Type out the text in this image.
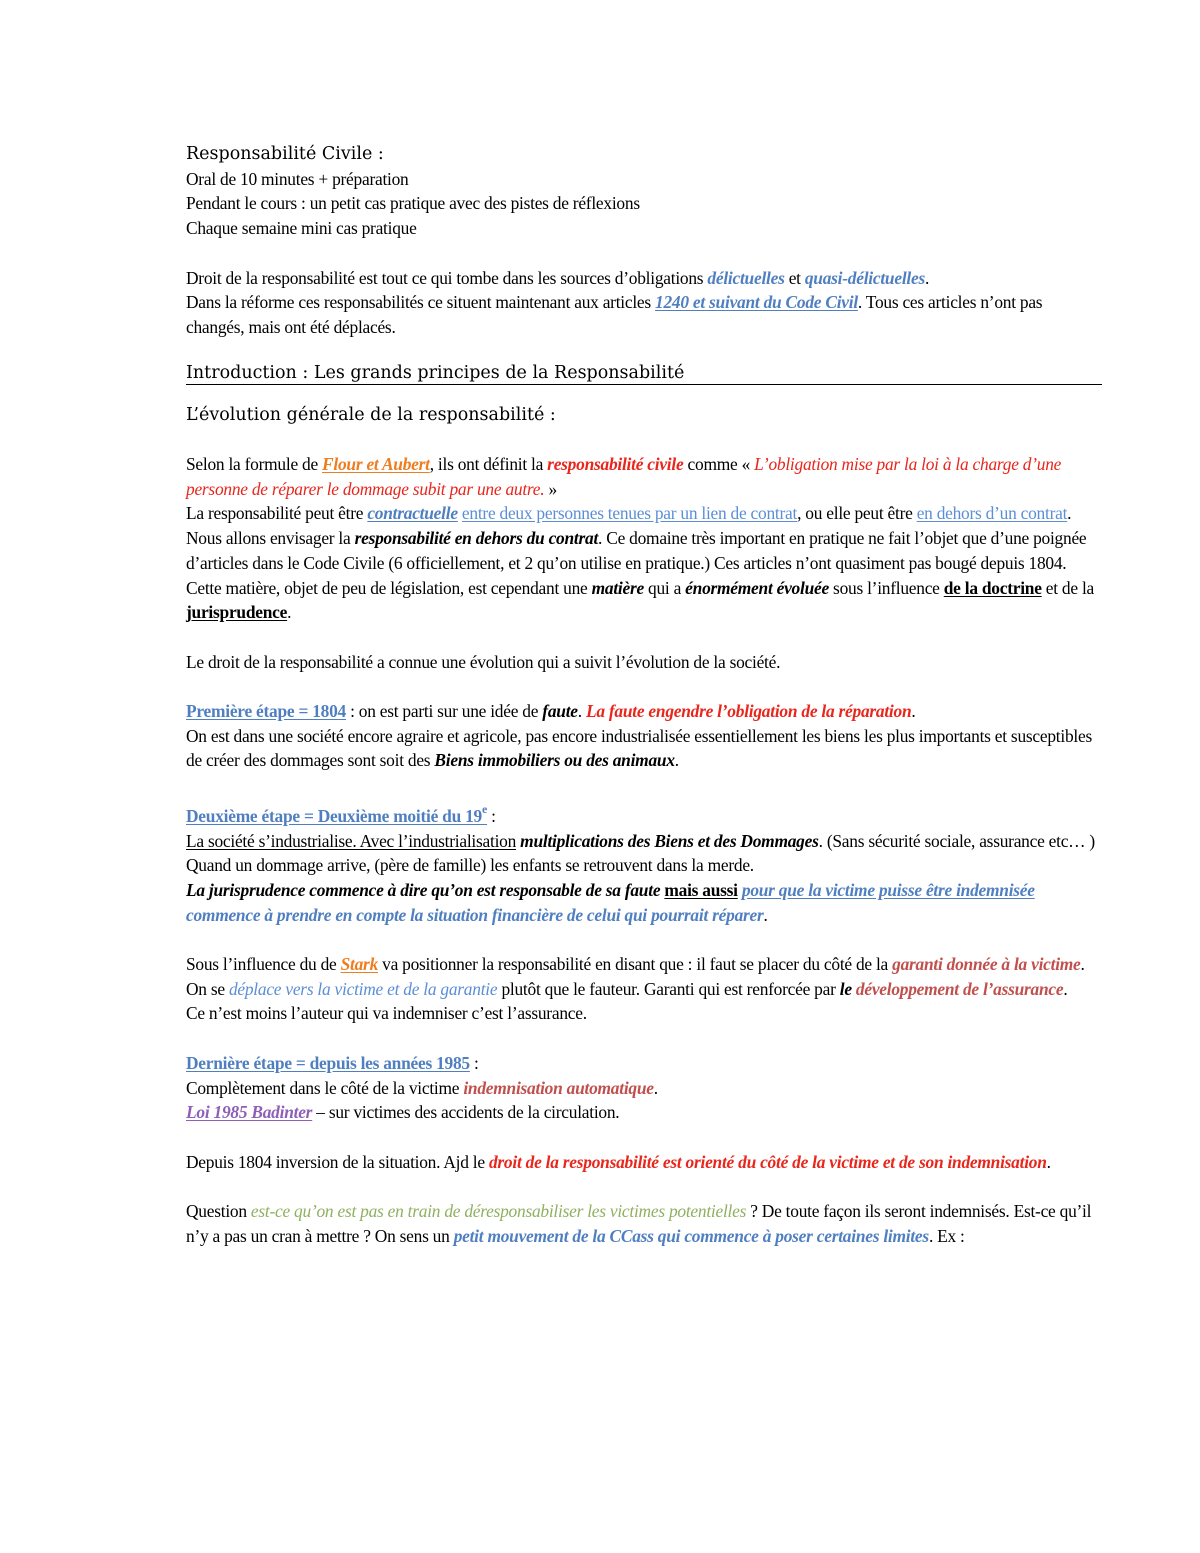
Responsabilité Civile :

Oral de 10 minutes + préparation

Pendant le cours : un petit cas pratique avec des pistes de réflexions

Chaque semaine mini cas pratique

Droit de la responsabilité est tout ce qui tombe dans les sources d’obligations délictuelles et quasi-délictuelles.
Dans la réforme ces responsabilités ce situent maintenant aux articles 1240 et suivant du Code Civil. Tous ces articles n’ont pas changés, mais ont été déplacés.

Introduction : Les grands principes de la Responsabilité

L’évolution générale de la responsabilité :

Selon la formule de Flour et Aubert, ils ont définit la responsabilité civile comme « L’obligation mise par la loi à la charge d’une personne de réparer le dommage subit par une autre. »

La responsabilité peut être contractuelle entre deux personnes tenues par un lien de contrat, ou elle peut être en dehors d’un contrat. Nous allons envisager la responsabilité en dehors du contrat. Ce domaine très important en pratique ne fait l’objet que d’une poignée d’articles dans le Code Civile (6 officiellement, et 2 qu’on utilise en pratique.) Ces articles n’ont quasiment pas bougé depuis 1804.

Cette matière, objet de peu de législation, est cependant une matière qui a énormément évoluée sous l’influence de la doctrine et de la jurisprudence.

Le droit de la responsabilité a connue une évolution qui a suivit l’évolution de la société.

Première étape = 1804 : on est parti sur une idée de faute. La faute engendre l’obligation de la réparation.
On est dans une société encore agraire et agricole, pas encore industrialisée essentiellement les biens les plus importants et susceptibles de créer des dommages sont soit des Biens immobiliers ou des animaux.

Deuxième étape = Deuxième moitié du 19e :
La société s’industrialise. Avec l’industrialisation multiplications des Biens et des Dommages. (Sans sécurité sociale, assurance etc… ) Quand un dommage arrive, (père de famille) les enfants se retrouvent dans la merde.
La jurisprudence commence à dire qu’on est responsable de sa faute mais aussi pour que la victime puisse être indemnisée commence à prendre en compte la situation financière de celui qui pourrait réparer.

Sous l’influence du de Stark va positionner la responsabilité en disant que : il faut se placer du côté de la garanti donnée à la victime. On se déplace vers la victime et de la garantie plutôt que le fauteur. Garanti qui est renforcée par le développement de l’assurance.
Ce n’est moins l’auteur qui va indemniser c’est l’assurance.

Dernière étape = depuis les années 1985 :
Complètement dans le côté de la victime indemnisation automatique.
Loi 1985 Badinter – sur victimes des accidents de la circulation.

Depuis 1804 inversion de la situation. Ajd le droit de la responsabilité est orienté du côté de la victime et de son indemnisation.

Question est-ce qu’on est pas en train de déresponsabiliser les victimes potentielles ? De toute façon ils seront indemnisés. Est-ce qu’il n’y a pas un cran à mettre ? On sens un petit mouvement de la CCass qui commence à poser certaines limites. Ex :
